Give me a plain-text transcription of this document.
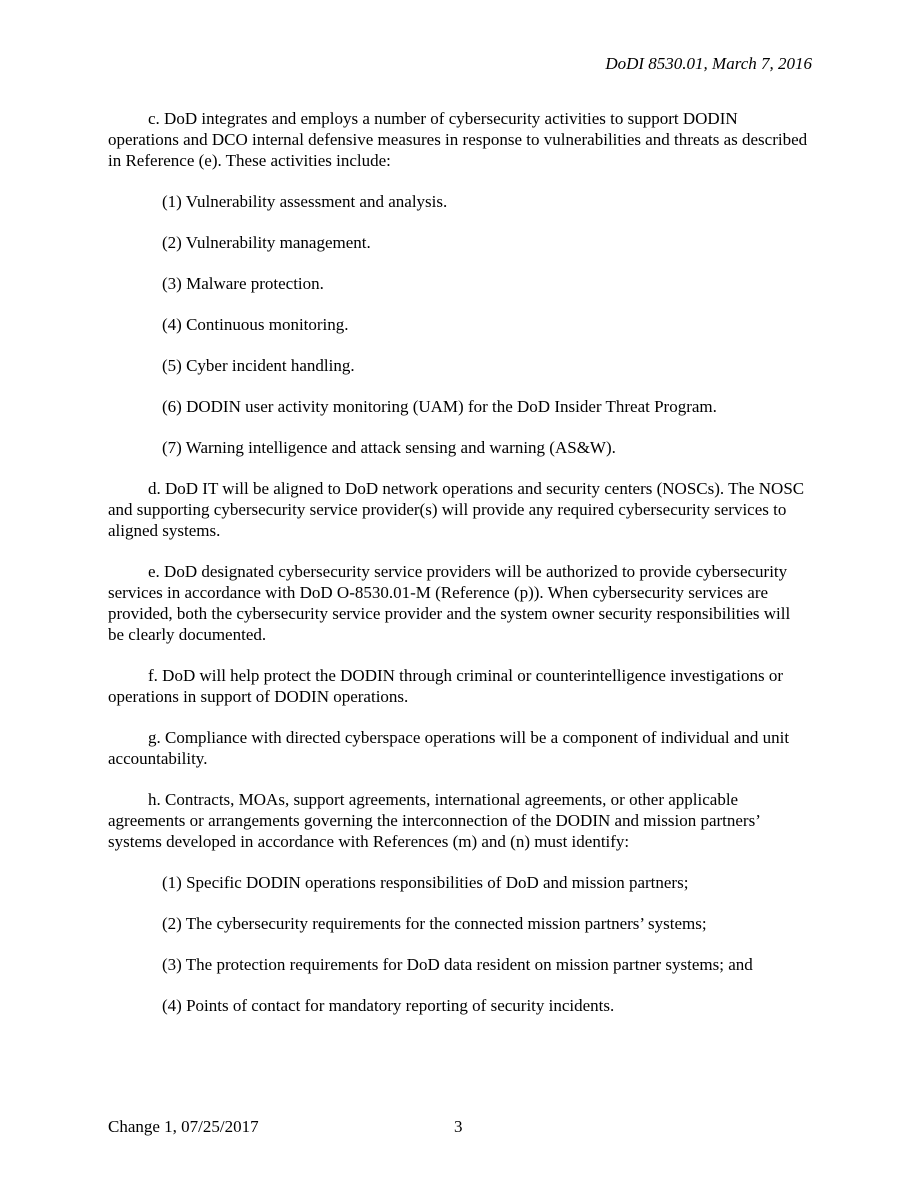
DoDI 8530.01, March 7, 2016

c. DoD integrates and employs a number of cybersecurity activities to support DODIN operations and DCO internal defensive measures in response to vulnerabilities and threats as described in Reference (e). These activities include:

(1) Vulnerability assessment and analysis.
(2) Vulnerability management.
(3) Malware protection.
(4) Continuous monitoring.
(5) Cyber incident handling.
(6) DODIN user activity monitoring (UAM) for the DoD Insider Threat Program.
(7) Warning intelligence and attack sensing and warning (AS&W).

d. DoD IT will be aligned to DoD network operations and security centers (NOSCs). The NOSC and supporting cybersecurity service provider(s) will provide any required cybersecurity services to aligned systems.

e. DoD designated cybersecurity service providers will be authorized to provide cybersecurity services in accordance with DoD O-8530.01-M (Reference (p)). When cybersecurity services are provided, both the cybersecurity service provider and the system owner security responsibilities will be clearly documented.

f. DoD will help protect the DODIN through criminal or counterintelligence investigations or operations in support of DODIN operations.

g. Compliance with directed cyberspace operations will be a component of individual and unit accountability.

h. Contracts, MOAs, support agreements, international agreements, or other applicable agreements or arrangements governing the interconnection of the DODIN and mission partners’ systems developed in accordance with References (m) and (n) must identify:

(1) Specific DODIN operations responsibilities of DoD and mission partners;
(2) The cybersecurity requirements for the connected mission partners’ systems;
(3) The protection requirements for DoD data resident on mission partner systems; and
(4) Points of contact for mandatory reporting of security incidents.
Change 1, 07/25/2017	3
